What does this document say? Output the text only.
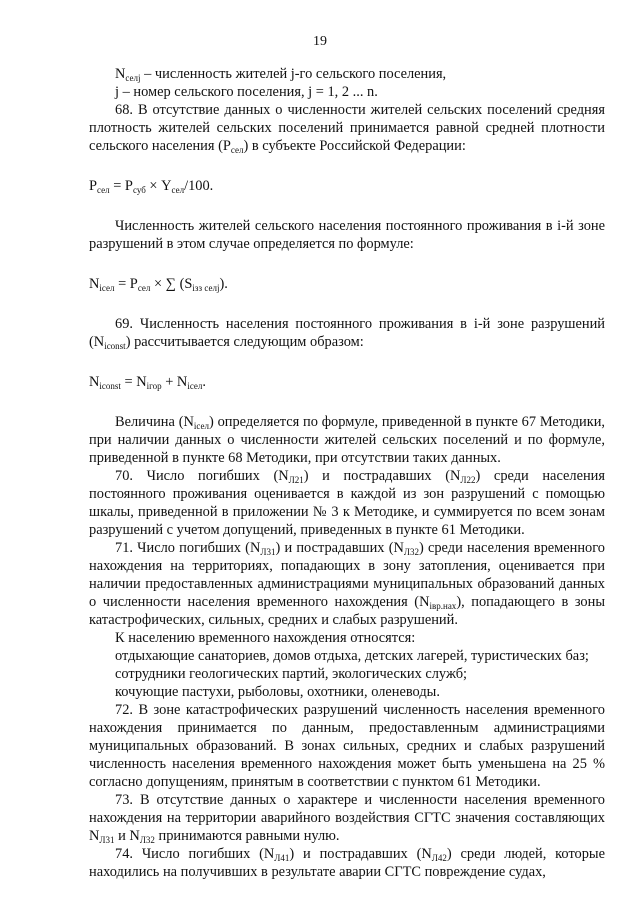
19

$N_{селj}$ – численность жителей j-го сельского поселения,

j – номер сельского поселения, j = 1, 2 ... n.

68. В отсутствие данных о численности жителей сельских поселений средняя плотность жителей сельских поселений принимается равной средней плотности сельского населения $(P_{сел})$ в субъекте Российской Федерации:

$P_{сел} = P_{суб} \times Y_{сел}/100$.

Численность жителей сельского населения постоянного проживания в i-й зоне разрушений в этом случае определяется по формуле:

$N_{iсел} = P_{сел}$ × ∑ $(S_{iзз селj})$.

69. Численность населения постоянного проживания в i-й зоне разрушений $(N_{iconst})$ рассчитывается следующим образом:

$N_{iconst} = N_{iгор} + N_{iсел}$.

Величина $(N_{iсел})$ определяется по формуле, приведенной в пункте 67 Методики, при наличии данных о численности жителей сельских поселений и по формуле, приведенной в пункте 68 Методики, при отсутствии таких данных.

70. Число погибших $(N_{Л21})$ и пострадавших $(N_{Л22})$ среди населения постоянного проживания оценивается в каждой из зон разрушений с помощью шкалы, приведенной в приложении № 3 к Методике, и суммируется по всем зонам разрушений с учетом допущений, приведенных в пункте 61 Методики.

71. Число погибших $(N_{Л31})$ и пострадавших $(N_{Л32})$ среди населения временного нахождения на территориях, попадающих в зону затопления, оценивается при наличии предоставленных администрациями муниципальных образований данных о численности населения временного нахождения $(N_{iвр.нах})$, попадающего в зоны катастрофических, сильных, средних и слабых разрушений.

К населению временного нахождения относятся:

отдыхающие санаториев, домов отдыха, детских лагерей, туристических баз;

сотрудники геологических партий, экологических служб;

кочующие пастухи, рыболовы, охотники, оленеводы.

72. В зоне катастрофических разрушений численность населения временного нахождения принимается по данным, предоставленным администрациями муниципальных образований. В зонах сильных, средних и слабых разрушений численность населения временного нахождения может быть уменьшена на 25 % согласно допущениям, принятым в соответствии с пунктом 61 Методики.

73. В отсутствие данных о характере и численности населения временного нахождения на территории аварийного воздействия СГТС значения составляющих $N_{Л31}$ и $N_{Л32}$ принимаются равными нулю.

74. Число погибших $(N_{Л41})$ и пострадавших $(N_{Л42})$ среди людей, которые находились на получивших в результате аварии СГТС повреждение судах,
